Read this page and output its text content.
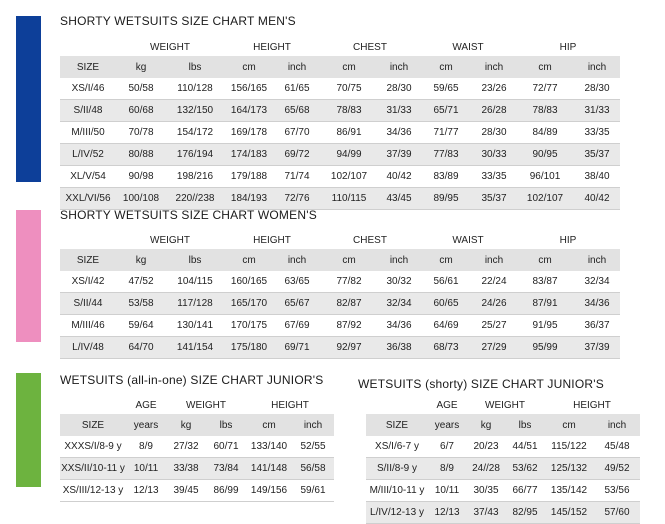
SHORTY WETSUITS SIZE CHART MEN'S
	WEIGHT		HEIGHT		CHEST		WAIST		HIP	
SIZE	kg	lbs	cm	inch	cm	inch	cm	inch	cm	inch
XS/I/46	50/58	110/128	156/165	61/65	70/75	28/30	59/65	23/26	72/77	28/30
S/II/48	60/68	132/150	164/173	65/68	78/83	31/33	65/71	26/28	78/83	31/33
M/III/50	70/78	154/172	169/178	67/70	86/91	34/36	71/77	28/30	84/89	33/35
L/IV/52	80/88	176/194	174/183	69/72	94/99	37/39	77/83	30/33	90/95	35/37
XL/V/54	90/98	198/216	179/188	71/74	102/107	40/42	83/89	33/35	96/101	38/40
XXL/VI/56	100/108	220//238	184/193	72/76	110/115	43/45	89/95	35/37	102/107	40/42
SHORTY WETSUITS SIZE CHART WOMEN'S
	WEIGHT		HEIGHT		CHEST		WAIST		HIP	
SIZE	kg	lbs	cm	inch	cm	inch	cm	inch	cm	inch
XS/I/42	47/52	104/115	160/165	63/65	77/82	30/32	56/61	22/24	83/87	32/34
S/II/44	53/58	117/128	165/170	65/67	82/87	32/34	60/65	24/26	87/91	34/36
M/III/46	59/64	130/141	170/175	67/69	87/92	34/36	64/69	25/27	91/95	36/37
L/IV/48	64/70	141/154	175/180	69/71	92/97	36/38	68/73	27/29	95/99	37/39
WETSUITS (all-in-one) SIZE CHART JUNIOR'S
	AGE	WEIGHT		HEIGHT	
SIZE	years	kg	lbs	cm	inch
XXXS/I/8-9 y	8/9	27/32	60/71	133/140	52/55
XXS/II/10-11 y	10/11	33/38	73/84	141/148	56/58
XS/III/12-13 y	12/13	39/45	86/99	149/156	59/61
WETSUITS (shorty) SIZE CHART JUNIOR'S
	AGE	WEIGHT		HEIGHT	
SIZE	years	kg	lbs	cm	inch
XS/I/6-7 y	6/7	20/23	44/51	115/122	45/48
S/II/8-9 y	8/9	24//28	53/62	125/132	49/52
M/III/10-11 y	10/11	30/35	66/77	135/142	53/56
L/IV/12-13 y	12/13	37/43	82/95	145/152	57/60
